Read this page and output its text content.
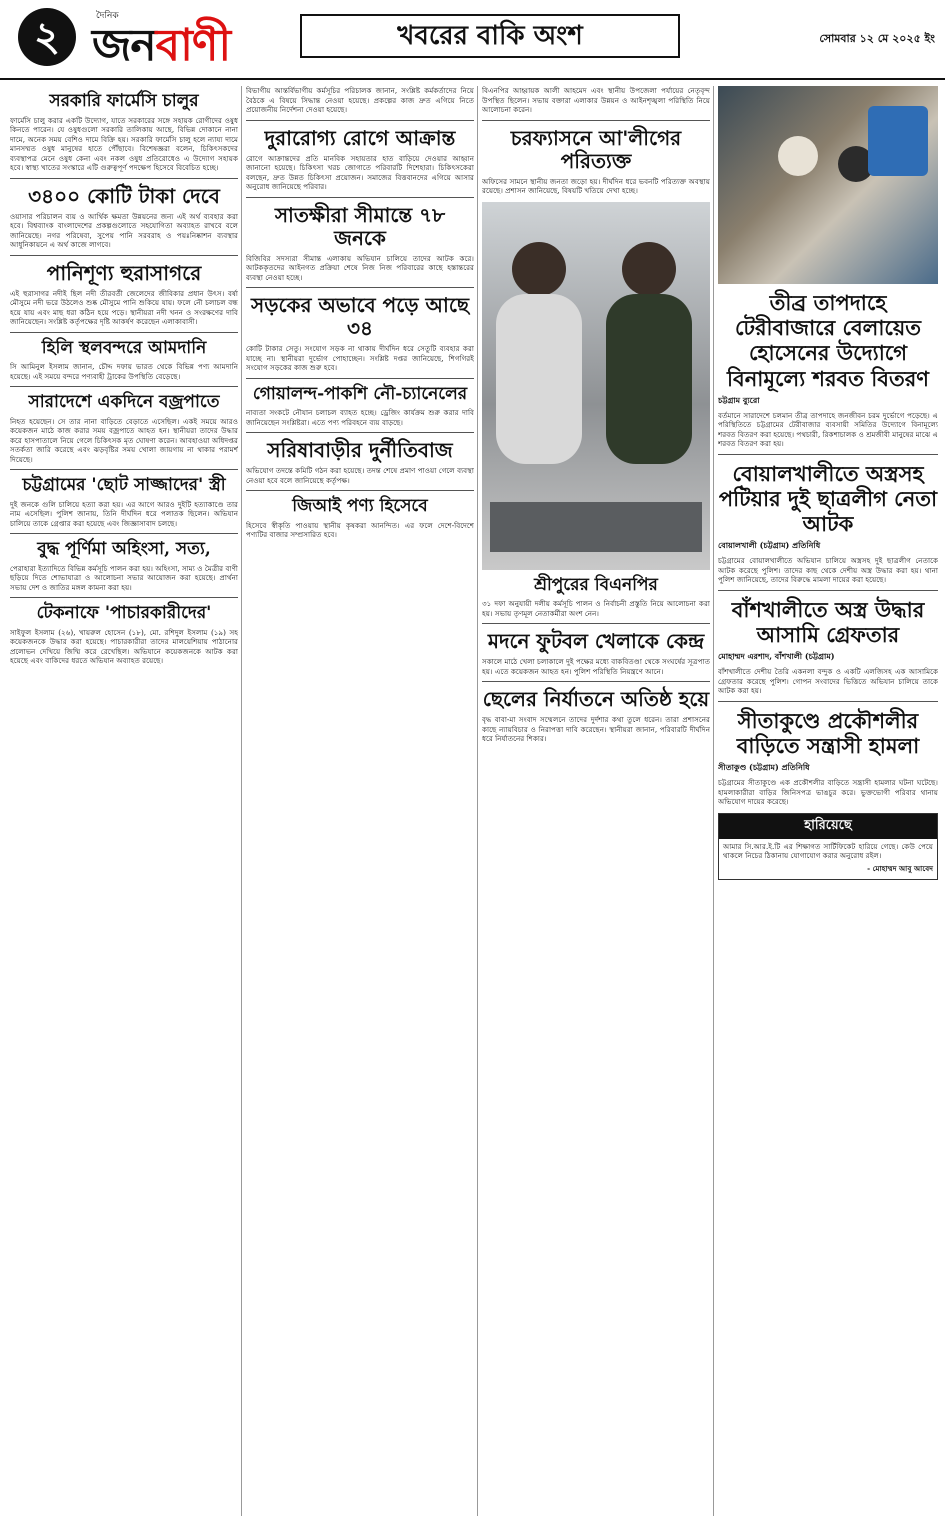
২	দৈনিক
জনবাণী	খবরের বাকি অংশ	সোমবার ১২ মে ২০২৫ ইং
সরকারি ফার্মেসি চালুর
ফার্মেসি চালু করার একটি উদ্যোগ, যাতে সরকারের সঙ্গে সহায়ক রোগীদের ওষুধ কিনতে পারেন। যে ওষুধগুলো সরকারি তালিকায় আছে, বিভিন্ন দোকানে নানা দামে, অনেক সময় বেশিও দামে বিক্রি হয়। সরকারি ফার্মেসি চালু হলে ন্যায্য দামে মানসম্মত ওষুধ মানুষের হাতে পৌঁছাবে। বিশেষজ্ঞরা বলেন, চিকিৎসকদের ব্যবস্থাপত্র মেনে ওষুধ কেনা এবং নকল ওষুধ প্রতিরোধেও এ উদ্যোগ সহায়ক হবে। স্বাস্থ্য খাতের সংস্কারে এটি গুরুত্বপূর্ণ পদক্ষেপ হিসেবে বিবেচিত হচ্ছে।
৩৪০০ কোটি টাকা দেবে
ওয়াসার পরিচালন ব্যয় ও আর্থিক ক্ষমতা উন্নয়নের জন্য এই অর্থ ব্যবহার করা হবে। বিশ্বব্যাংক বাংলাদেশের প্রকল্পগুলোতে সহযোগিতা অব্যাহত রাখবে বলে জানিয়েছে। নগর পরিষেবা, সুপেয় পানি সরবরাহ ও পয়ঃনিষ্কাশন ব্যবস্থার আধুনিকায়নে এ অর্থ কাজে লাগবে।
পানিশূণ্য হুরাসাগরে
এই হুরাসাগর নদীই ছিল নদী তীরবর্তী জেলেদের জীবিকার প্রধান উৎস। বর্ষা মৌসুমে নদী ভরে উঠলেও শুষ্ক মৌসুমে পানি শুকিয়ে যায়। ফলে নৌ চলাচল বন্ধ হয়ে যায় এবং মাছ ধরা কঠিন হয়ে পড়ে। স্থানীয়রা নদী খনন ও সংরক্ষণের দাবি জানিয়েছেন। সংশ্লিষ্ট কর্তৃপক্ষের দৃষ্টি আকর্ষণ করেছেন এলাকাবাসী।
হিলি স্থলবন্দরে আমদানি
সি আমিনুল ইসলাম জানান, চৌদ্দ দফায় ভারত থেকে বিভিন্ন পণ্য আমদানি হয়েছে। এই সময়ে বন্দরে পণ্যবাহী ট্রাকের উপস্থিতি বেড়েছে।
সারাদেশে একদিনে বজ্রপাতে
নিহত হয়েছেন। সে তার নানা বাড়িতে বেড়াতে এসেছিল। একই সময়ে আরও কয়েকজন মাঠে কাজ করার সময় বজ্রপাতে আহত হন। স্থানীয়রা তাদের উদ্ধার করে হাসপাতালে নিয়ে গেলে চিকিৎসক মৃত ঘোষণা করেন। আবহাওয়া অধিদপ্তর সতর্কতা জারি করেছে এবং ঝড়বৃষ্টির সময় খোলা জায়গায় না থাকার পরামর্শ দিয়েছে।
চট্টগ্রামের 'ছোট সাজ্জাদের' স্ত্রী
দুই জনকে গুলি চালিয়ে হত্যা করা হয়। এর আগে আরও দুইটি হত্যাকাণ্ডে তার নাম এসেছিল। পুলিশ জানায়, তিনি দীর্ঘদিন ধরে পলাতক ছিলেন। অভিযান চালিয়ে তাকে গ্রেপ্তার করা হয়েছে এবং জিজ্ঞাসাবাদ চলছে।
বুদ্ধ পূর্ণিমা অহিংসা, সত্য,
পেরাহারা ইত্যাদিতে বিভিন্ন কর্মসূচি পালন করা হয়। অহিংসা, সাম্য ও মৈত্রীর বাণী ছড়িয়ে দিতে শোভাযাত্রা ও আলোচনা সভার আয়োজন করা হয়েছে। প্রার্থনা সভায় দেশ ও জাতির মঙ্গল কামনা করা হয়।
টেকনাফে 'পাচারকারীদের'
সাইফুল ইসলাম (২৬), খায়রুল হোসেন (১৮), মো. রশিদুল ইসলাম (১৯) সহ কয়েকজনকে উদ্ধার করা হয়েছে। পাচারকারীরা তাদের মালয়েশিয়ায় পাঠানোর প্রলোভন দেখিয়ে জিম্মি করে রেখেছিল। অভিযানে কয়েকজনকে আটক করা হয়েছে এবং বাকিদের ধরতে অভিযান অব্যাহত রয়েছে।
বিভাগীয় আন্তর্বিভাগীয় কর্মসূচির পরিচালক জানান, সংশ্লিষ্ট কর্মকর্তাদের নিয়ে বৈঠকে এ বিষয়ে সিদ্ধান্ত নেওয়া হয়েছে। প্রকল্পের কাজ দ্রুত এগিয়ে নিতে প্রয়োজনীয় নির্দেশনা দেওয়া হয়েছে।
দুরারোগ্য রোগে আক্রান্ত
রোগে আক্রান্তদের প্রতি মানবিক সহায়তার হাত বাড়িয়ে দেওয়ার আহ্বান জানানো হয়েছে। চিকিৎসা খরচ জোগাতে পরিবারটি দিশেহারা। চিকিৎসকেরা বলছেন, দ্রুত উন্নত চিকিৎসা প্রয়োজন। সমাজের বিত্তবানদের এগিয়ে আসার অনুরোধ জানিয়েছে পরিবার।
সাতক্ষীরা সীমান্তে ৭৮ জনকে
বিজিবির সদস্যরা সীমান্ত এলাকায় অভিযান চালিয়ে তাদের আটক করে। আটককৃতদের আইনগত প্রক্রিয়া শেষে নিজ নিজ পরিবারের কাছে হস্তান্তরের ব্যবস্থা নেওয়া হচ্ছে।
সড়কের অভাবে পড়ে আছে ৩৪
কোটি টাকার সেতু। সংযোগ সড়ক না থাকায় দীর্ঘদিন ধরে সেতুটি ব্যবহার করা যাচ্ছে না। স্থানীয়রা দুর্ভোগ পোহাচ্ছেন। সংশ্লিষ্ট দপ্তর জানিয়েছে, শিগগিরই সংযোগ সড়কের কাজ শুরু হবে।
গোয়ালন্দ-পাকশি নৌ-চ্যানেলের
নাব্যতা সংকটে নৌযান চলাচল ব্যাহত হচ্ছে। ড্রেজিং কার্যক্রম শুরু করার দাবি জানিয়েছেন সংশ্লিষ্টরা। এতে পণ্য পরিবহনে ব্যয় বাড়ছে।
সরিষাবাড়ীর দুর্নীতিবাজ
অভিযোগ তদন্তে কমিটি গঠন করা হয়েছে। তদন্ত শেষে প্রমাণ পাওয়া গেলে ব্যবস্থা নেওয়া হবে বলে জানিয়েছে কর্তৃপক্ষ।
জিআই পণ্য হিসেবে
হিসেবে স্বীকৃতি পাওয়ায় স্থানীয় কৃষকরা আনন্দিত। এর ফলে দেশে-বিদেশে পণ্যটির বাজার সম্প্রসারিত হবে।
বিএনপির আহ্বায়ক আলী আহমেদ এবং স্থানীয় উপজেলা পর্যায়ের নেতৃবৃন্দ উপস্থিত ছিলেন। সভায় বক্তারা এলাকার উন্নয়ন ও আইনশৃঙ্খলা পরিস্থিতি নিয়ে আলোচনা করেন।
চরফ্যাসনে আ'লীগের পরিত্যক্ত
অফিসের সামনে স্থানীয় জনতা জড়ো হয়। দীর্ঘদিন ধরে ভবনটি পরিত্যক্ত অবস্থায় রয়েছে। প্রশাসন জানিয়েছে, বিষয়টি খতিয়ে দেখা হচ্ছে।
শ্রীপুরের বিএনপির
৩১ দফা অনুযায়ী দলীয় কর্মসূচি পালন ও নির্বাচনী প্রস্তুতি নিয়ে আলোচনা করা হয়। সভায় তৃণমূল নেতাকর্মীরা অংশ নেন।
মদনে ফুটবল খেলাকে কেন্দ্র
সকালে মাঠে খেলা চলাকালে দুই পক্ষের মধ্যে বাকবিতণ্ডা থেকে সংঘর্ষের সূত্রপাত হয়। এতে কয়েকজন আহত হন। পুলিশ পরিস্থিতি নিয়ন্ত্রণে আনে।
ছেলের নির্যাতনে অতিষ্ঠ হয়ে
বৃদ্ধ বাবা-মা সংবাদ সম্মেলনে তাদের দুর্দশার কথা তুলে ধরেন। তারা প্রশাসনের কাছে ন্যায়বিচার ও নিরাপত্তা দাবি করেছেন। স্থানীয়রা জানান, পরিবারটি দীর্ঘদিন ধরে নির্যাতনের শিকার।
তীব্র তাপদাহে টেরীবাজারে বেলায়েত হোসেনের উদ্যোগে বিনামূল্যে শরবত বিতরণ
চট্টগ্রাম ব্যুরো
বর্তমানে সারাদেশে চলমান তীব্র তাপদাহে জনজীবন চরম দুর্ভোগে পড়েছে। এ পরিস্থিতিতে চট্টগ্রামের টেরীবাজার ব্যবসায়ী সমিতির উদ্যোগে বিনামূল্যে শরবত বিতরণ করা হয়েছে। পথচারী, রিকশাচালক ও শ্রমজীবী মানুষের মাঝে এ শরবত বিতরণ করা হয়।
বোয়ালখালীতে অস্ত্রসহ পটিয়ার দুই ছাত্রলীগ নেতা আটক
বোয়ালখালী (চট্টগ্রাম) প্রতিনিধি
চট্টগ্রামের বোয়ালখালীতে অভিযান চালিয়ে অস্ত্রসহ দুই ছাত্রলীগ নেতাকে আটক করেছে পুলিশ। তাদের কাছ থেকে দেশীয় অস্ত্র উদ্ধার করা হয়। থানা পুলিশ জানিয়েছে, তাদের বিরুদ্ধে মামলা দায়ের করা হয়েছে।
বাঁশখালীতে অস্ত্র উদ্ধার আসামি গ্রেফতার
মোহাম্মদ এরশাদ, বাঁশখালী (চট্টগ্রাম)
বাঁশখালীতে দেশীয় তৈরি একনলা বন্দুক ও একটি এলজিসহ এক আসামিকে গ্রেফতার করেছে পুলিশ। গোপন সংবাদের ভিত্তিতে অভিযান চালিয়ে তাকে আটক করা হয়।
সীতাকুণ্ডে প্রকৌশলীর বাড়িতে সন্ত্রাসী হামলা
সীতাকুণ্ড (চট্টগ্রাম) প্রতিনিধি
চট্টগ্রামের সীতাকুণ্ডে এক প্রকৌশলীর বাড়িতে সন্ত্রাসী হামলার ঘটনা ঘটেছে। হামলাকারীরা বাড়ির জিনিসপত্র ভাঙচুর করে। ভুক্তভোগী পরিবার থানায় অভিযোগ দায়ের করেছে।
হারিয়েছে
আমার সি.আর.ই.টি এর শিক্ষাগত সার্টিফিকেট হারিয়ে গেছে। কেউ পেয়ে থাকলে নিচের ঠিকানায় যোগাযোগ করার অনুরোধ রইল।
- মোহাম্মদ আবু আবেদ
